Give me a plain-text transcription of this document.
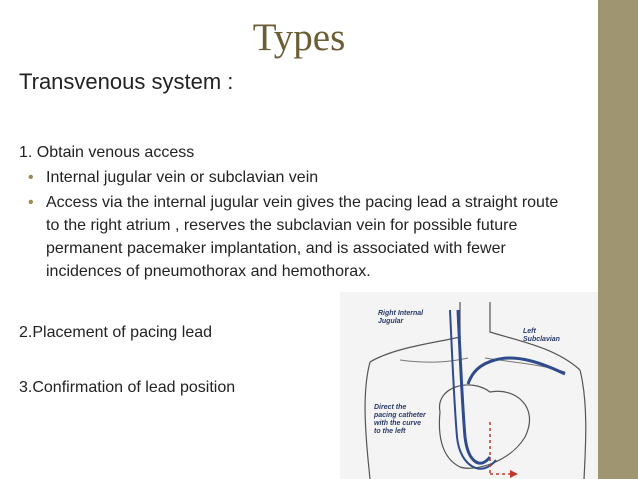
Types
Transvenous system :
1. Obtain venous access
• Internal jugular vein or subclavian vein
• Access via the internal jugular vein gives the pacing lead a straight route to the right atrium , reserves the subclavian vein for possible future permanent pacemaker implantation, and is associated with fewer incidences of pneumothorax and hemothorax.
2.Placement of pacing lead
3.Confirmation of lead position
Right Internal
Jugular
Left
Subclavian
Direct the
pacing catheter
with the curve
to the left
